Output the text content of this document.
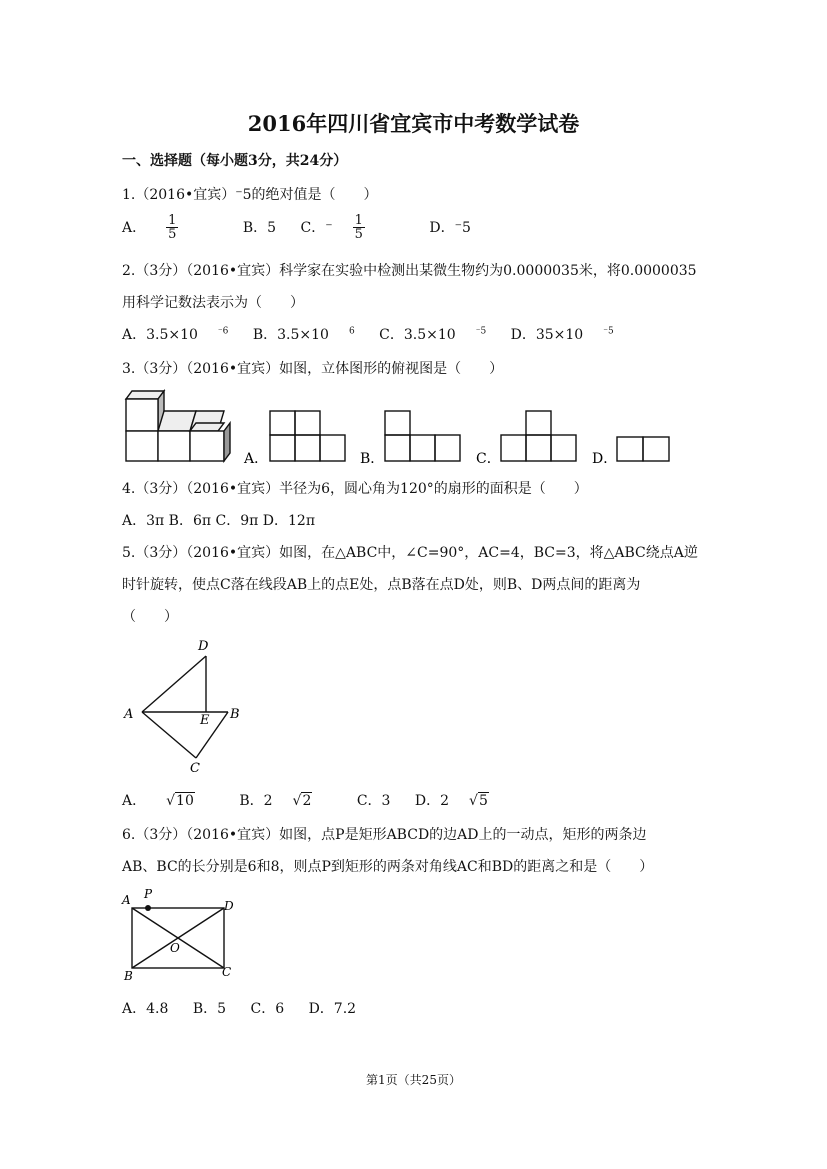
2016年四川省宜宾市中考数学试卷
一、选择题（每小题3分，共24分）
1.（2016•宜宾）⁻5的绝对值是（　　）
A． $\frac{1}{5}$	B．5 C．⁻ $\frac{1}{5}$	D．⁻5
2.（3分）（2016•宜宾）科学家在实验中检测出某微生物约为0.0000035米，将0.0000035
用科学记数法表示为（　　）
A．3.5×10 $^{^-6}$ B．3.5×10 $^6$ C．3.5×10 $^{^-5}$ D．35×10 $^{^-5}$
3.（3分）（2016•宜宾）如图，立体图形的俯视图是（　　）
A．	B．	C．	D．
4.（3分）（2016•宜宾）半径为6，圆心角为120°的扇形的面积是（　　）
A．3π B．6π C．9π D．12π
5.（3分）（2016•宜宾）如图，在△ABC中，∠C=90°，AC=4，BC=3，将△ABC绕点A逆
时针旋转，使点C落在线段AB上的点E处，点B落在点D处，则B、D两点间的距离为
（　　）
D
A	E B
C
A． √10	B．2 √2	C．3 D．2 √5
6.（3分）（2016•宜宾）如图，点P是矩形ABCD的边AD上的一动点，矩形的两条边
AB、BC的长分别是6和8，则点P到矩形的两条对角线AC和BD的距离之和是（　　）
A P
D
O
B	C
A．4.8 B．5 C．6 D．7.2
第1页（共25页）
